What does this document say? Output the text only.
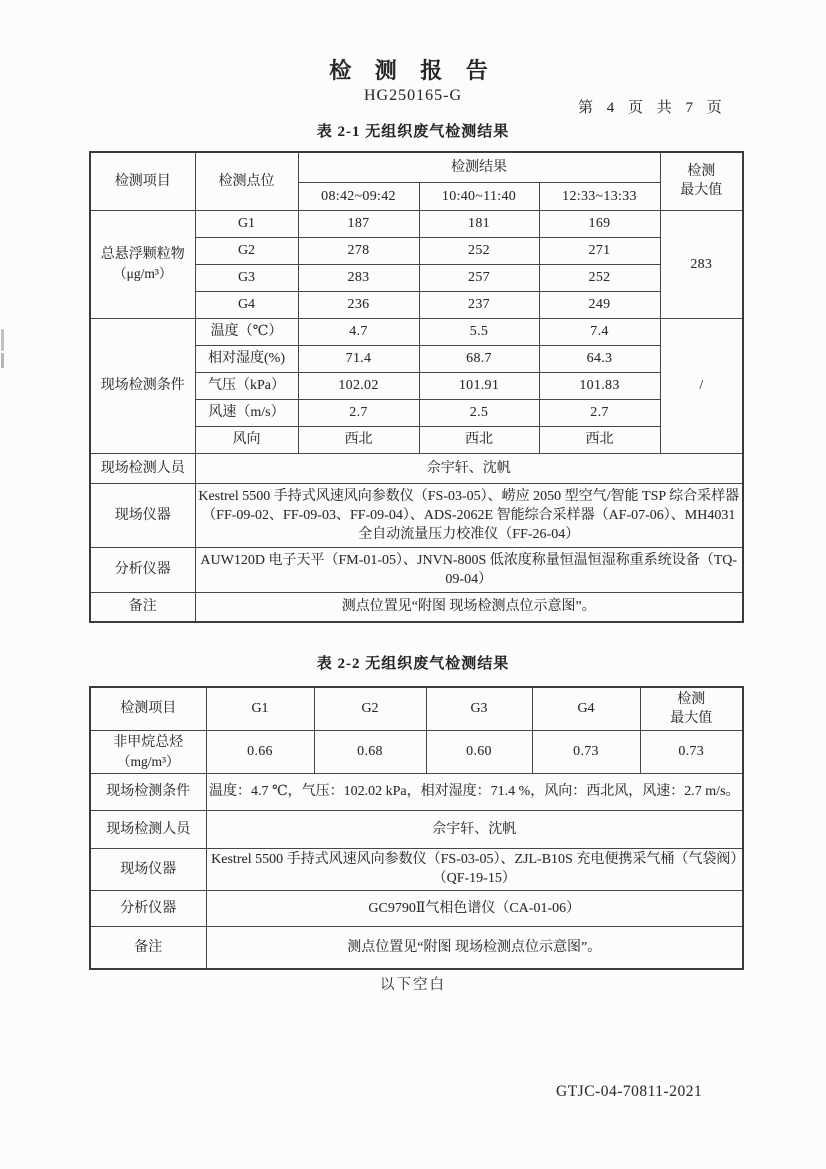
检 测 报 告
HG250165-G
第 4 页 共 7 页
表 2-1 无组织废气检测结果
检测项目	检测点位	检测结果			检测
最大值

		08:42~09:42	10:40~11:40	12:33~13:33	

总悬浮颗粒物
（μg/m³）	G1	187	181	169	283
	G2	278	252	271	
	G3	283	257	252	
	G4	236	237	249	
现场检测条件	温度（℃）	4.7	5.5	7.4	/
	相对湿度(%)	71.4	68.7	64.3	
	气压（kPa）	102.02	101.91	101.83	
	风速（m/s）	2.7	2.5	2.7	
	风向	西北	西北	西北	
现场检测人员	佘宇轩、沈帆				
现场仪器	Kestrel 5500 手持式风速风向参数仪（FS-03-05）、崂应 2050 型空气/智能 TSP 综合采样器（FF-09-02、FF-09-03、FF-09-04）、ADS-2062E 智能综合采样器（AF-07-06）、MH4031 全自动流量压力校准仪（FF-26-04）				
分析仪器	AUW120D 电子天平（FM-01-05）、JNVN-800S 低浓度称量恒温恒湿称重系统设备（TQ-09-04）				
备注	测点位置见“附图 现场检测点位示意图”。				
表 2-2 无组织废气检测结果
检测项目	G1	G2	G3	G4	检测
最大值

非甲烷总烃
（mg/m³）	0.66	0.68	0.60	0.73	0.73
现场检测条件	温度：4.7 ℃，气压：102.02 kPa，相对湿度：71.4 %，风向：西北风，风速：2.7 m/s。				
现场检测人员	佘宇轩、沈帆				
现场仪器	Kestrel 5500 手持式风速风向参数仪（FS-03-05）、ZJL-B10S 充电便携采气桶（气袋阀）（QF-19-15）				
分析仪器	GC9790Ⅱ气相色谱仪（CA-01-06）				
备注	测点位置见“附图 现场检测点位示意图”。				
以下空白
GTJC-04-70811-2021
